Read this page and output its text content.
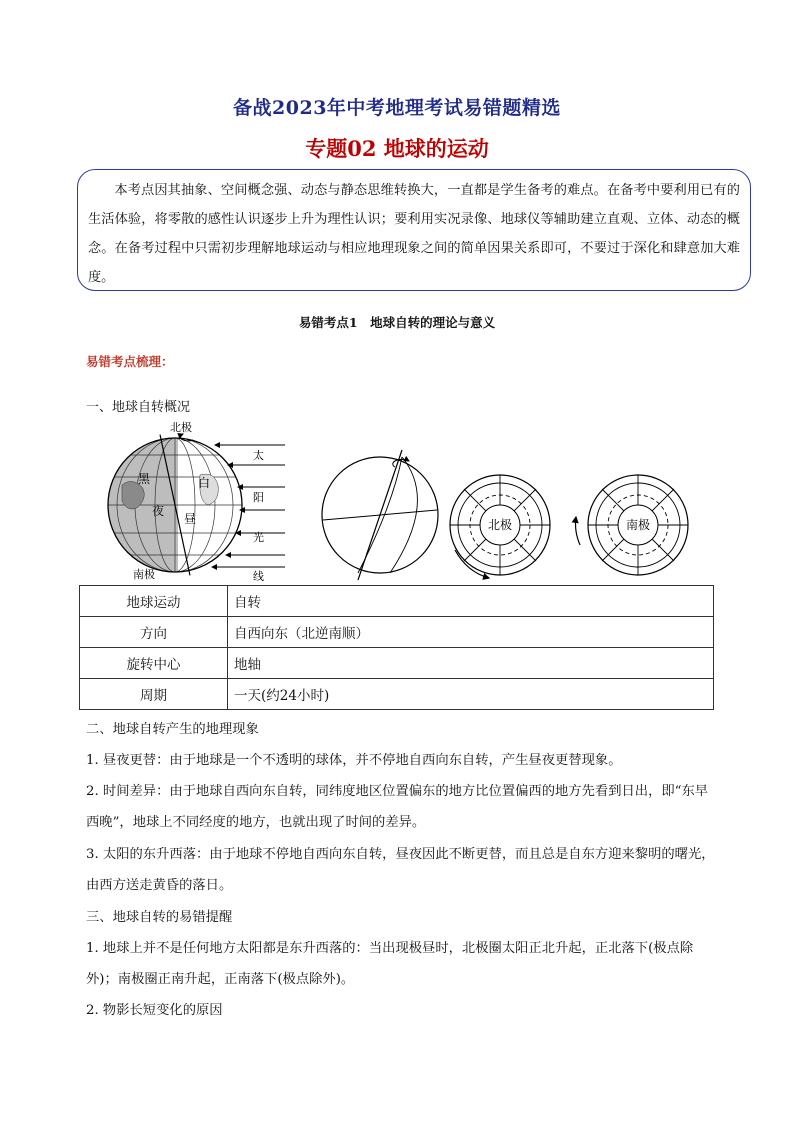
备战2023年中考地理考试易错题精选
专题02 地球的运动
本考点因其抽象、空间概念强、动态与静态思维转换大，一直都是学生备考的难点。在备考中要利用已有的生活体验，将零散的感性认识逐步上升为理性认识；要利用实况录像、地球仪等辅助建立直观、立体、动态的概念。在备考过程中只需初步理解地球运动与相应地理现象之间的简单因果关系即可，不要过于深化和肆意加大难度。
易错考点1　地球自转的理论与意义
易错考点梳理：
一、地球自转概况
北极
南极
黑
夜
白
昼
太
阳
光
线
北极	南极
地球运动	自转
方向	自西向东（北逆南顺）
旋转中心	地轴
周期	一天(约24小时)
二、地球自转产生的地理现象
1. 昼夜更替：由于地球是一个不透明的球体，并不停地自西向东自转，产生昼夜更替现象。
2. 时间差异：由于地球自西向东自转，同纬度地区位置偏东的地方比位置偏西的地方先看到日出，即“东早西晚”，地球上不同经度的地方，也就出现了时间的差异。
3. 太阳的东升西落：由于地球不停地自西向东自转，昼夜因此不断更替，而且总是自东方迎来黎明的曙光，由西方送走黄昏的落日。
三、地球自转的易错提醒
1. 地球上并不是任何地方太阳都是东升西落的：当出现极昼时，北极圈太阳正北升起，正北落下(极点除外)；南极圈正南升起，正南落下(极点除外)。
2. 物影长短变化的原因
